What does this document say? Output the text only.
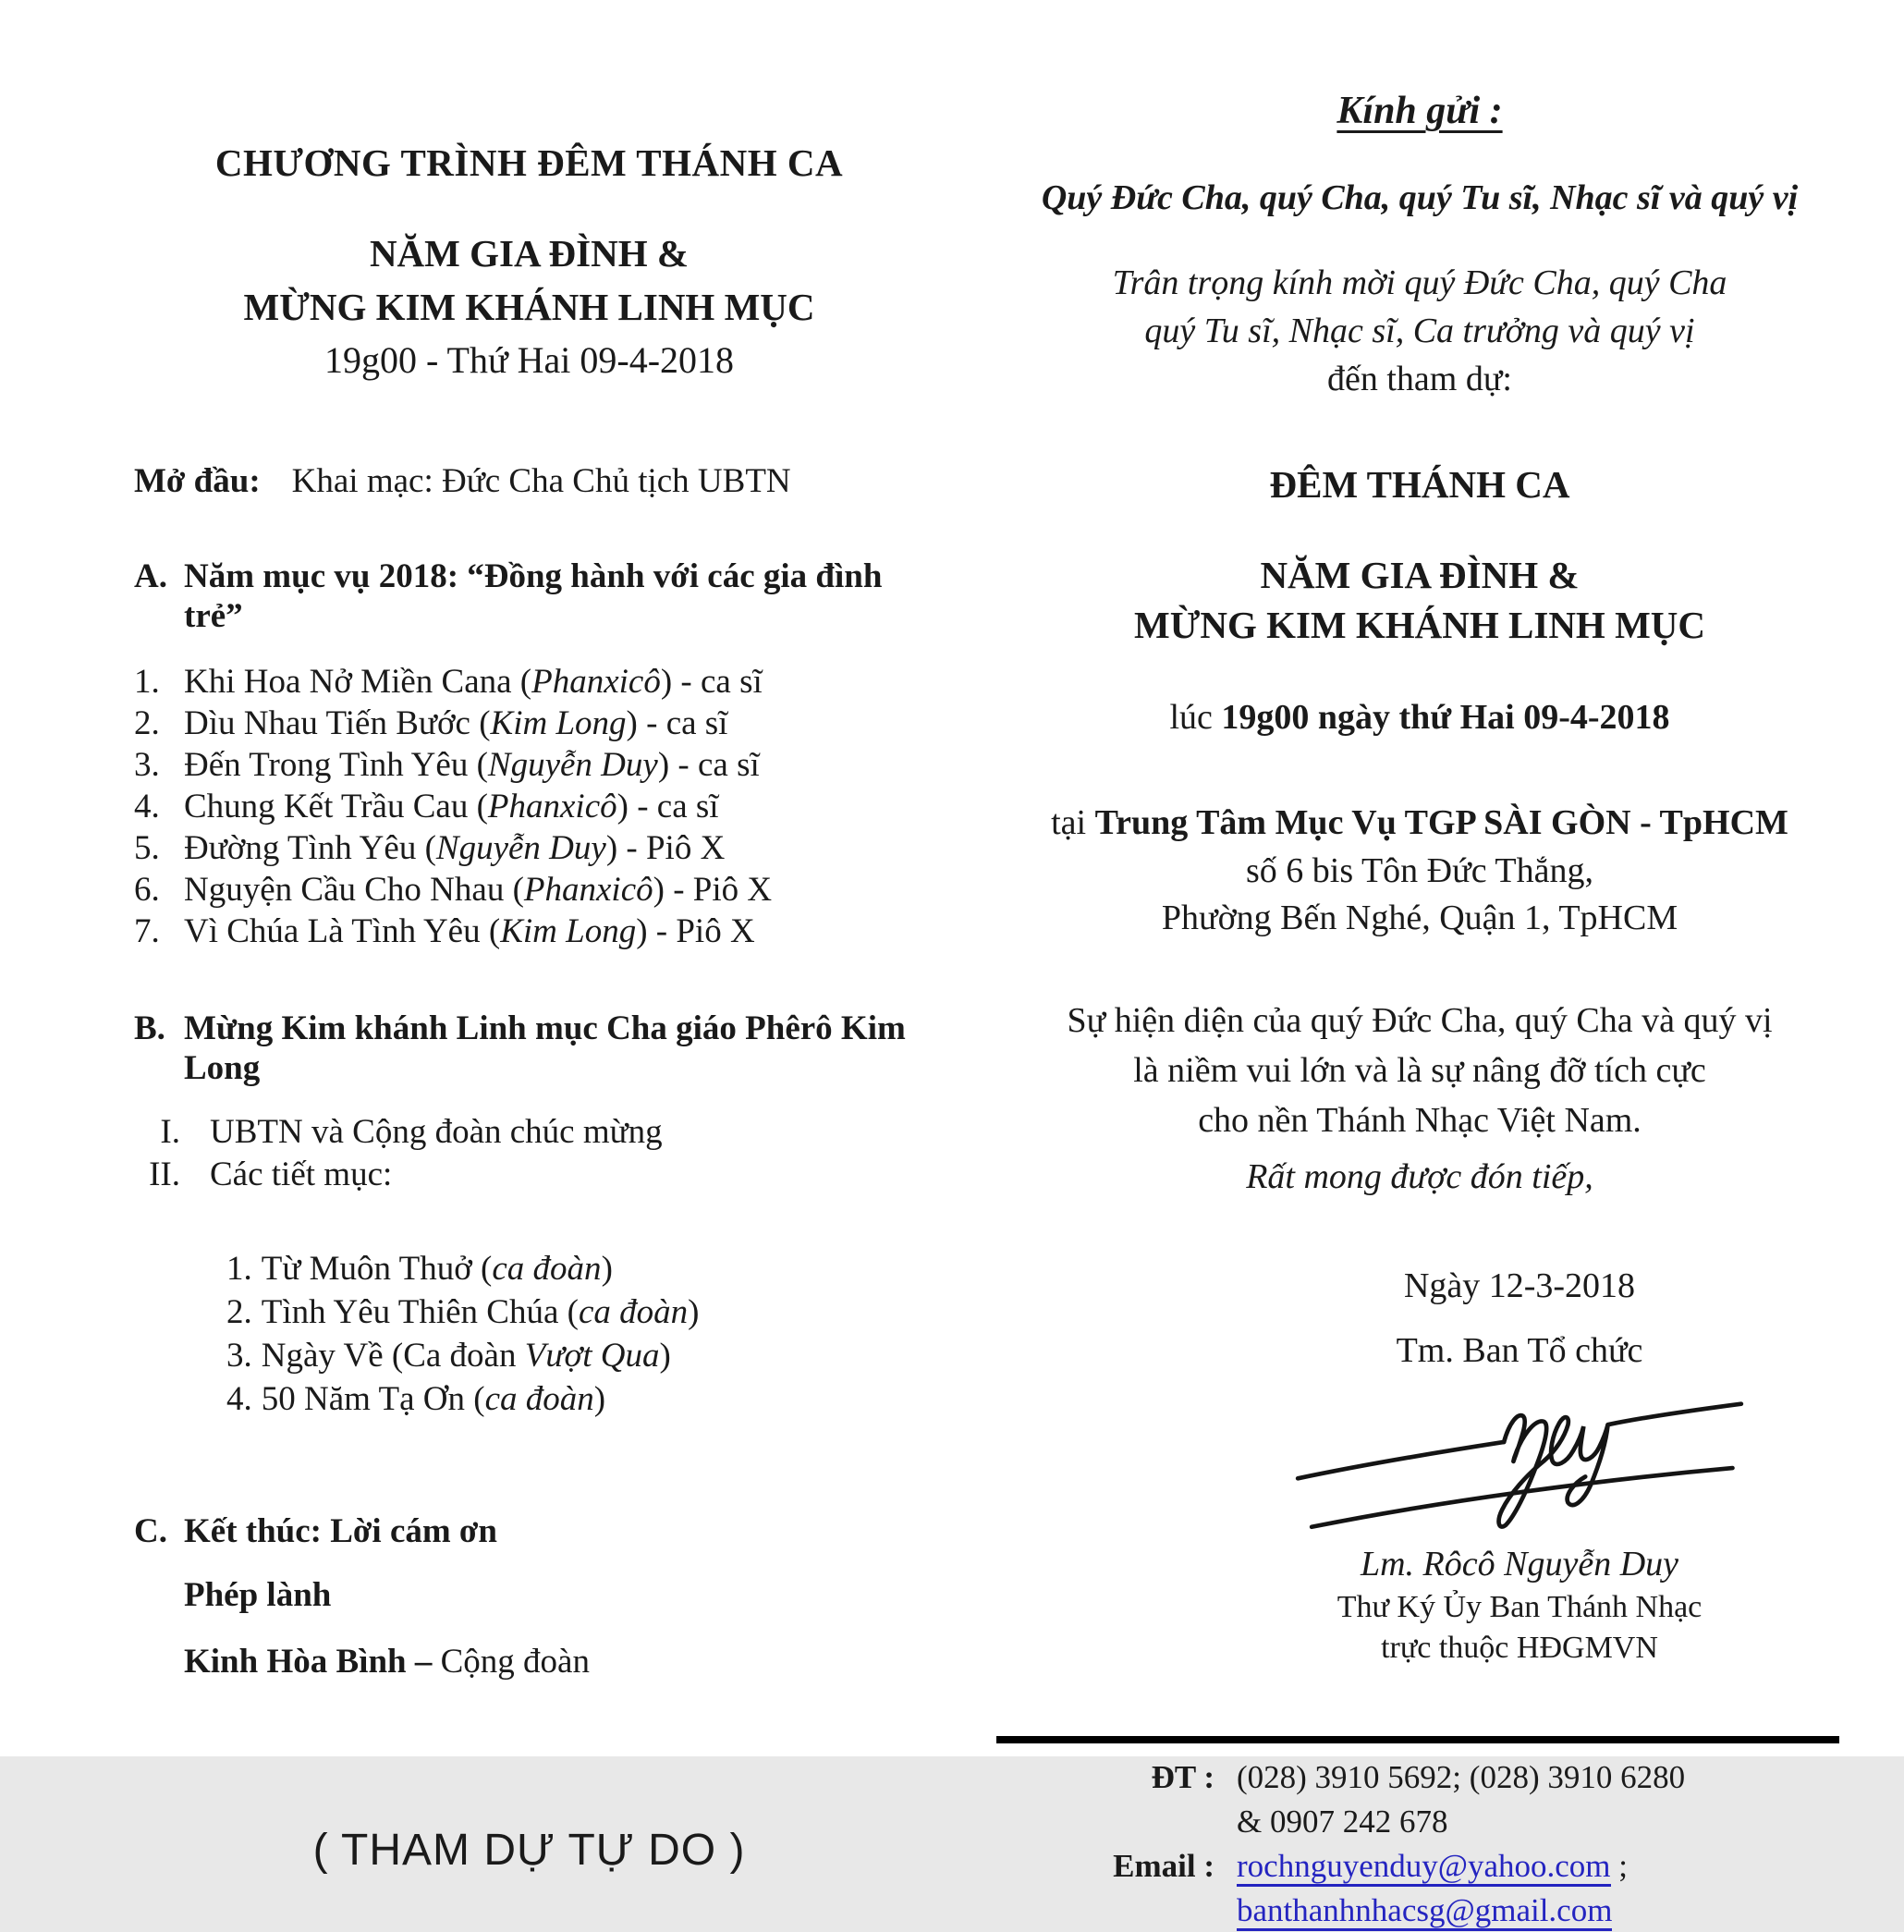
CHƯƠNG TRÌNH ĐÊM THÁNH CA
NĂM GIA ĐÌNH &
MỪNG KIM KHÁNH LINH MỤC
19g00 - Thứ Hai 09-4-2018
Mở đầu: Khai mạc: Đức Cha Chủ tịch UBTN
A. Năm mục vụ 2018: “Đồng hành với các gia đình trẻ”
1. Khi Hoa Nở Miền Cana (Phanxicô) - ca sĩ
2. Dìu Nhau Tiến Bước (Kim Long) - ca sĩ
3. Đến Trong Tình Yêu (Nguyễn Duy) - ca sĩ
4. Chung Kết Trầu Cau (Phanxicô) - ca sĩ
5. Đường Tình Yêu (Nguyễn Duy) - Piô X
6. Nguyện Cầu Cho Nhau (Phanxicô) - Piô X
7. Vì Chúa Là Tình Yêu (Kim Long) - Piô X
B. Mừng Kim khánh Linh mục Cha giáo Phêrô Kim Long
I. UBTN và Cộng đoàn chúc mừng
II. Các tiết mục:
1. Từ Muôn Thuở (ca đoàn)
2. Tình Yêu Thiên Chúa (ca đoàn)
3. Ngày Về (Ca đoàn Vượt Qua)
4. 50 Năm Tạ Ơn (ca đoàn)
C. Kết thúc: Lời cám ơn
Phép lành
Kinh Hòa Bình – Cộng đoàn
( THAM DỰ TỰ DO )
Kính gửi :
Quý Đức Cha, quý Cha, quý Tu sĩ, Nhạc sĩ và quý vị
Trân trọng kính mời quý Đức Cha, quý Cha
quý Tu sĩ, Nhạc sĩ, Ca trưởng và quý vị
đến tham dự:
ĐÊM THÁNH CA
NĂM GIA ĐÌNH &
MỪNG KIM KHÁNH LINH MỤC
lúc 19g00 ngày thứ Hai 09-4-2018
tại Trung Tâm Mục Vụ TGP SÀI GÒN - TpHCM
số 6 bis Tôn Đức Thắng,
Phường Bến Nghé, Quận 1, TpHCM
Sự hiện diện của quý Đức Cha, quý Cha và quý vị
là niềm vui lớn và là sự nâng đỡ tích cực
cho nền Thánh Nhạc Việt Nam.
Rất mong được đón tiếp,
Ngày 12-3-2018
Tm. Ban Tổ chức
Lm. Rôcô Nguyễn Duy
Thư Ký Ủy Ban Thánh Nhạc
trực thuộc HĐGMVN
ĐT : (028) 3910 5692; (028) 3910 6280
& 0907 242 678
Email : rochnguyenduy@yahoo.com ;
banthanhnhacsg@gmail.com
